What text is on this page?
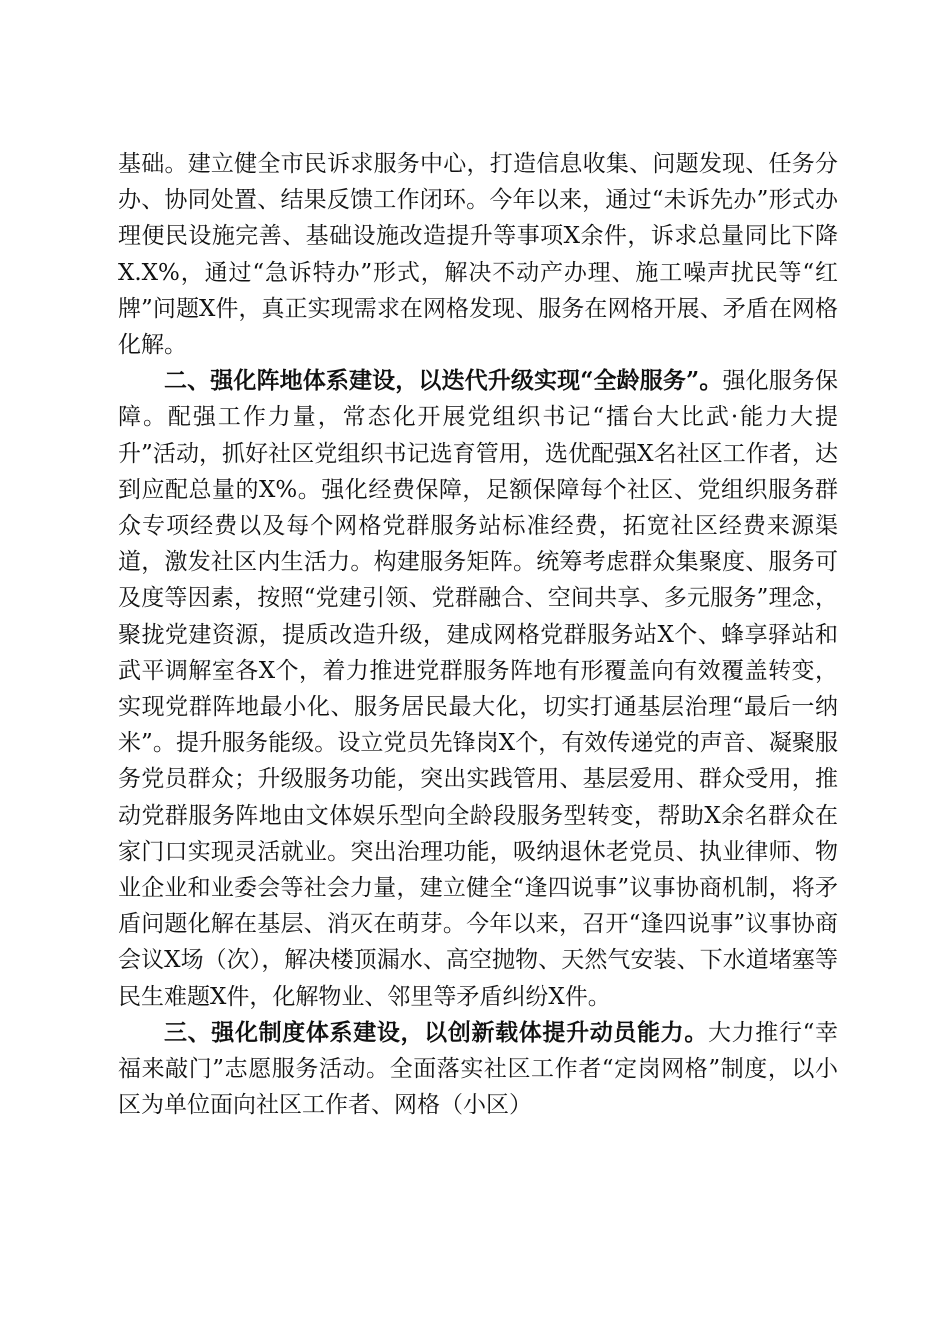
基础。建立健全市民诉求服务中心，打造信息收集、问题发现、任务分办、协同处置、结果反馈工作闭环。今年以来，通过“未诉先办”形式办理便民设施完善、基础设施改造提升等事项X余件，诉求总量同比下降X.X%，通过“急诉特办”形式，解决不动产办理、施工噪声扰民等“红牌”问题X件，真正实现需求在网格发现、服务在网格开展、矛盾在网格化解。

二、强化阵地体系建设，以迭代升级实现“全龄服务”。强化服务保障。配强工作力量，常态化开展党组织书记“擂台大比武·能力大提升”活动，抓好社区党组织书记选育管用，选优配强X名社区工作者，达到应配总量的X%。强化经费保障，足额保障每个社区、党组织服务群众专项经费以及每个网格党群服务站标准经费，拓宽社区经费来源渠道，激发社区内生活力。构建服务矩阵。统筹考虑群众集聚度、服务可及度等因素，按照“党建引领、党群融合、空间共享、多元服务”理念，聚拢党建资源，提质改造升级，建成网格党群服务站X个、蜂享驿站和武平调解室各X个，着力推进党群服务阵地有形覆盖向有效覆盖转变，实现党群阵地最小化、服务居民最大化，切实打通基层治理“最后一纳米”。提升服务能级。设立党员先锋岗X个，有效传递党的声音、凝聚服务党员群众；升级服务功能，突出实践管用、基层爱用、群众受用，推动党群服务阵地由文体娱乐型向全龄段服务型转变，帮助X余名群众在家门口实现灵活就业。突出治理功能，吸纳退休老党员、执业律师、物业企业和业委会等社会力量，建立健全“逢四说事”议事协商机制，将矛盾问题化解在基层、消灭在萌芽。今年以来，召开“逢四说事”议事协商会议X场（次），解决楼顶漏水、高空抛物、天然气安装、下水道堵塞等民生难题X件，化解物业、邻里等矛盾纠纷X件。

三、强化制度体系建设，以创新载体提升动员能力。大力推行“幸福来敲门”志愿服务活动。全面落实社区工作者“定岗网格”制度，以小区为单位面向社区工作者、网格（小区）
